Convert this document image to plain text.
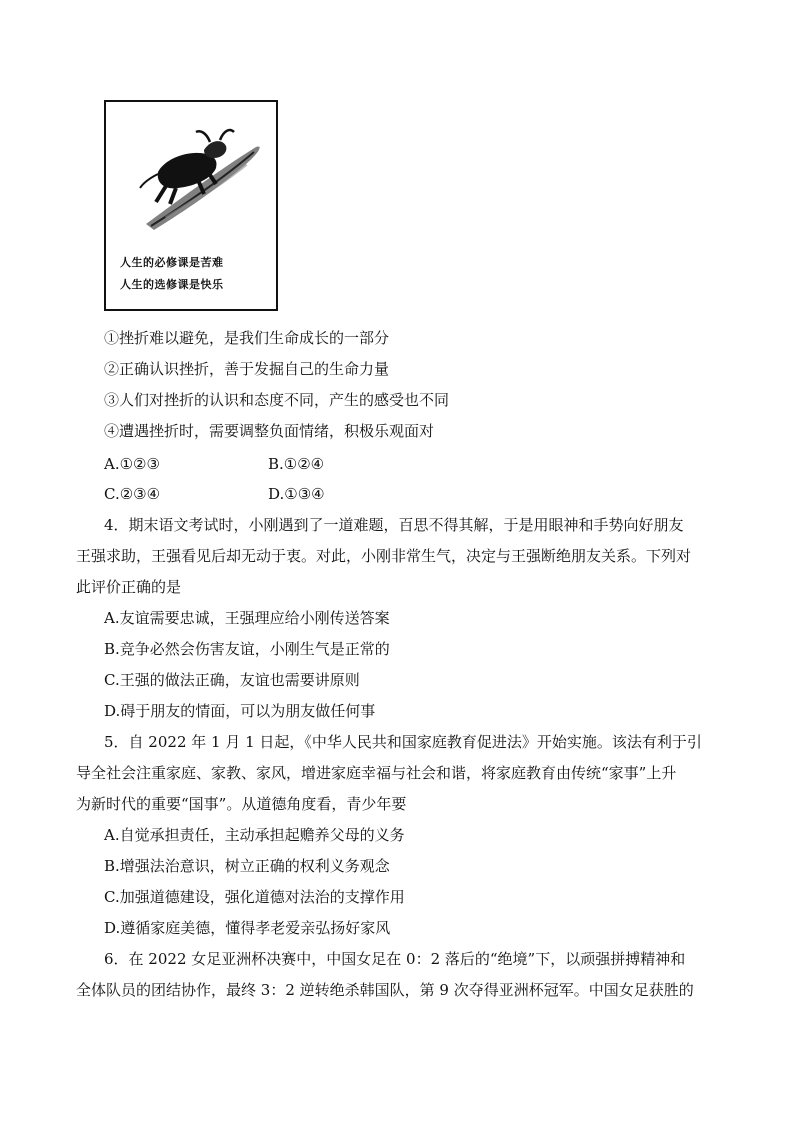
人生的必修课是苦难
人生的选修课是快乐
①挫折难以避免，是我们生命成长的一部分
②正确认识挫折，善于发掘自己的生命力量
③人们对挫折的认识和态度不同，产生的感受也不同
④遭遇挫折时，需要调整负面情绪，积极乐观面对
A.①②③	B.①②④
C.②③④	D.①③④
4．期末语文考试时，小刚遇到了一道难题，百思不得其解，于是用眼神和手势向好朋友
王强求助，王强看见后却无动于衷。对此，小刚非常生气，决定与王强断绝朋友关系。下列对
此评价正确的是
A.友谊需要忠诚，王强理应给小刚传送答案
B.竞争必然会伤害友谊，小刚生气是正常的
C.王强的做法正确，友谊也需要讲原则
D.碍于朋友的情面，可以为朋友做任何事
5．自 2022 年 1 月 1 日起，《中华人民共和国家庭教育促进法》开始实施。该法有利于引
导全社会注重家庭、家教、家风，增进家庭幸福与社会和谐，将家庭教育由传统“家事”上升
为新时代的重要“国事”。从道德角度看，青少年要
A.自觉承担责任，主动承担起赡养父母的义务
B.增强法治意识，树立正确的权利义务观念
C.加强道德建设，强化道德对法治的支撑作用
D.遵循家庭美德，懂得孝老爱亲弘扬好家风
6．在 2022 女足亚洲杯决赛中，中国女足在 0：2 落后的“绝境”下，以顽强拼搏精神和
全体队员的团结协作，最终 3：2 逆转绝杀韩国队，第 9 次夺得亚洲杯冠军。中国女足获胜的
